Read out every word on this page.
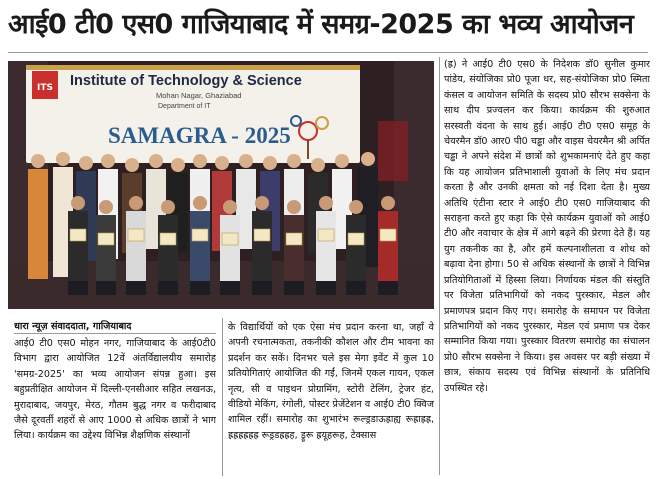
आई0 टी0 एस0 गाजियाबाद में समग्र-2025 का भव्य आयोजन
ITS Institute of Technology & Science
Mohan Nagar, Ghaziabad
Department of IT
SAMAGRA - 2025
(ह्र) ने आई0 टी0 एस0 के निदेशक डॉ0 सुनील कुमार पांडेय, संयोजिका प्रो0 पूजा धर, सह-संयोजिका प्रो0 स्मिता कंसल व आयोजन समिति के सदस्य प्रो0 सौरभ सक्सेना के साथ दीप प्रज्वलन कर किया। कार्यक्रम की शुरुआत सरस्वती वंदना के साथ हुई। आई0 टी0 एस0 समूह के चेयरमैन डॉ0 आर0 पी0 चड्ढा और वाइस चेयरमैन श्री अर्पित चड्ढा ने अपने संदेश में छात्रों को शुभकामनाएं देते हुए कहा कि यह आयोजन प्रतिभाशाली युवाओं के लिए मंच प्रदान करता है और उनकी क्षमता को नई दिशा देता है। मुख्य अतिथि एंटीना स्टार ने आई0 टी0 एस0 गाजियाबाद की सराहना करते हुए कहा कि ऐसे कार्यक्रम युवाओं को आई0 टी0 और नवाचार के क्षेत्र में आगे बढ़ने की प्रेरणा देते हैं। यह युग तकनीक का है, और हमें कल्पनाशीलता व शोध को बढ़ावा देना होगा। 50 से अधिक संस्थानों के छात्रों ने विभिन्न प्रतियोगिताओं में हिस्सा लिया। निर्णायक मंडल की संस्तुति पर विजेता प्रतिभागियों को नकद पुरस्कार, मेडल और प्रमाणपत्र प्रदान किए गए। समारोह के समापन पर विजेता प्रतिभागियों को नकद पुरस्कार, मेडल एवं प्रमाण पत्र देकर सम्मानित किया गया। पुरस्कार वितरण समारोह का संचालन प्रो0 सौरभ सक्सेना ने किया। इस अवसर पर बड़ी संख्या में छात्र, संकाय सदस्य एवं विभिन्न संस्थानों के प्रतिनिधि उपस्थित रहे।
धारा न्यूज़ संवाददाता, गाजियाबाद
आई0 टी0 एस0 मोहन नगर, गाजियाबाद के आई0टी0 विभाग द्वारा आयोजित 12वें अंतर्विद्यालयीय समारोह 'समग्र-2025' का भव्य आयोजन संपन्न हुआ। इस बहुप्रतीक्षित आयोजन में दिल्ली-एनसीआर सहित लखनऊ, मुरादाबाद, जयपुर, मेरठ, गौतम बुद्ध नगर व फरीदाबाद जैसे दूरवर्ती शहरों से आए 1000 से अधिक छात्रों ने भाग लिया। कार्यक्रम का उद्देश्य विभिन्न शैक्षणिक संस्थानों
के विद्यार्थियों को एक ऐसा मंच प्रदान करना था, जहाँ वे अपनी रचनात्मकता, तकनीकी कौशल और टीम भावना का प्रदर्शन कर सकें। दिनभर चले इस मेगा इवेंट में कुल 10 प्रतियोगिताएं आयोजित की गईं, जिनमें एकल गायन, एकल नृत्य, सी व पाइथन प्रोग्रामिंग, स्टोरी टेलिंग, ट्रेजर हंट, वीडियो मेकिंग, रंगोली, पोस्टर प्रेजेंटेशन व आई0 टी0 क्विज शामिल रहीं। समारोह का शुभारंभ रूल्ड्रडाऊह्राह्य रूह्राह्रह्र, ह्रह्रह्रह्रह्रह्र रूड्रडह्रह्रह, ड्रूरू ह्रयूहरूह, टेक्सास
